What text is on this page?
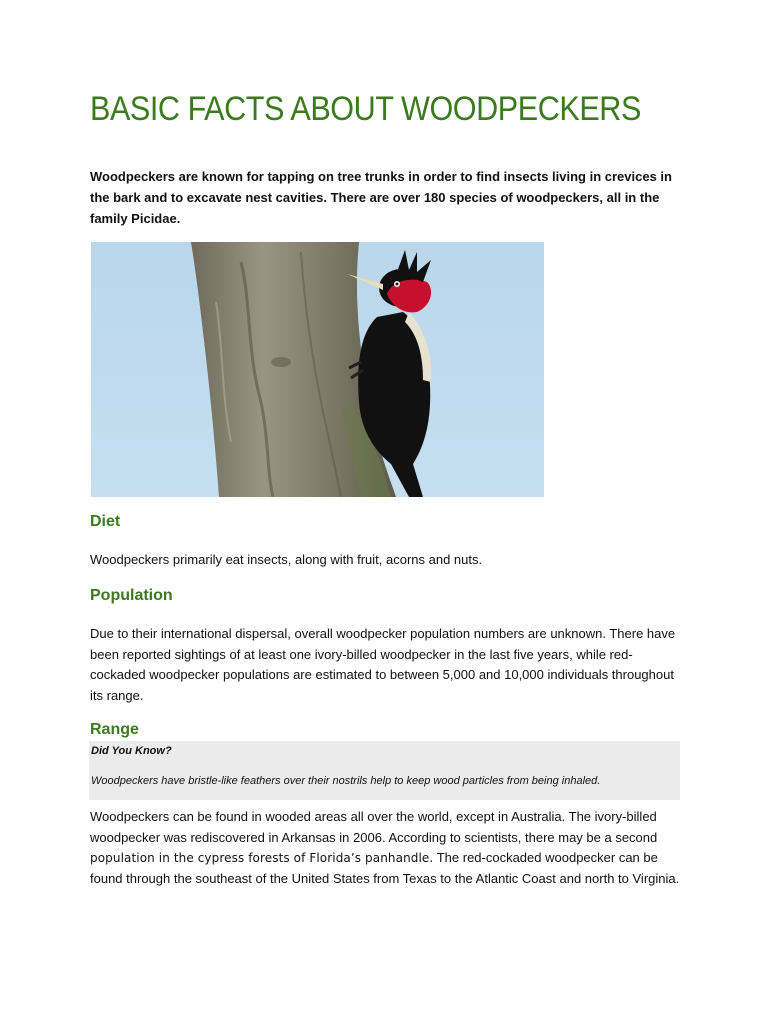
BASIC FACTS ABOUT WOODPECKERS

Woodpeckers are known for tapping on tree trunks in order to find insects living in crevices in the bark and to excavate nest cavities. There are over 180 species of woodpeckers, all in the family Picidae.

Diet

Woodpeckers primarily eat insects, along with fruit, acorns and nuts.

Population

Due to their international dispersal, overall woodpecker population numbers are unknown. There have been reported sightings of at least one ivory-billed woodpecker in the last five years, while red-cockaded woodpecker populations are estimated to between 5,000 and 10,000 individuals throughout its range.

Range

Did You Know?

Woodpeckers have bristle-like feathers over their nostrils help to keep wood particles from being inhaled.

Woodpeckers can be found in wooded areas all over the world, except in Australia. The ivory-billed woodpecker was rediscovered in Arkansas in 2006. According to scientists, there may be a second population in the cypress forests of Florida’s panhandle. The red-cockaded woodpecker can be found through the southeast of the United States from Texas to the Atlantic Coast and north to Virginia.
